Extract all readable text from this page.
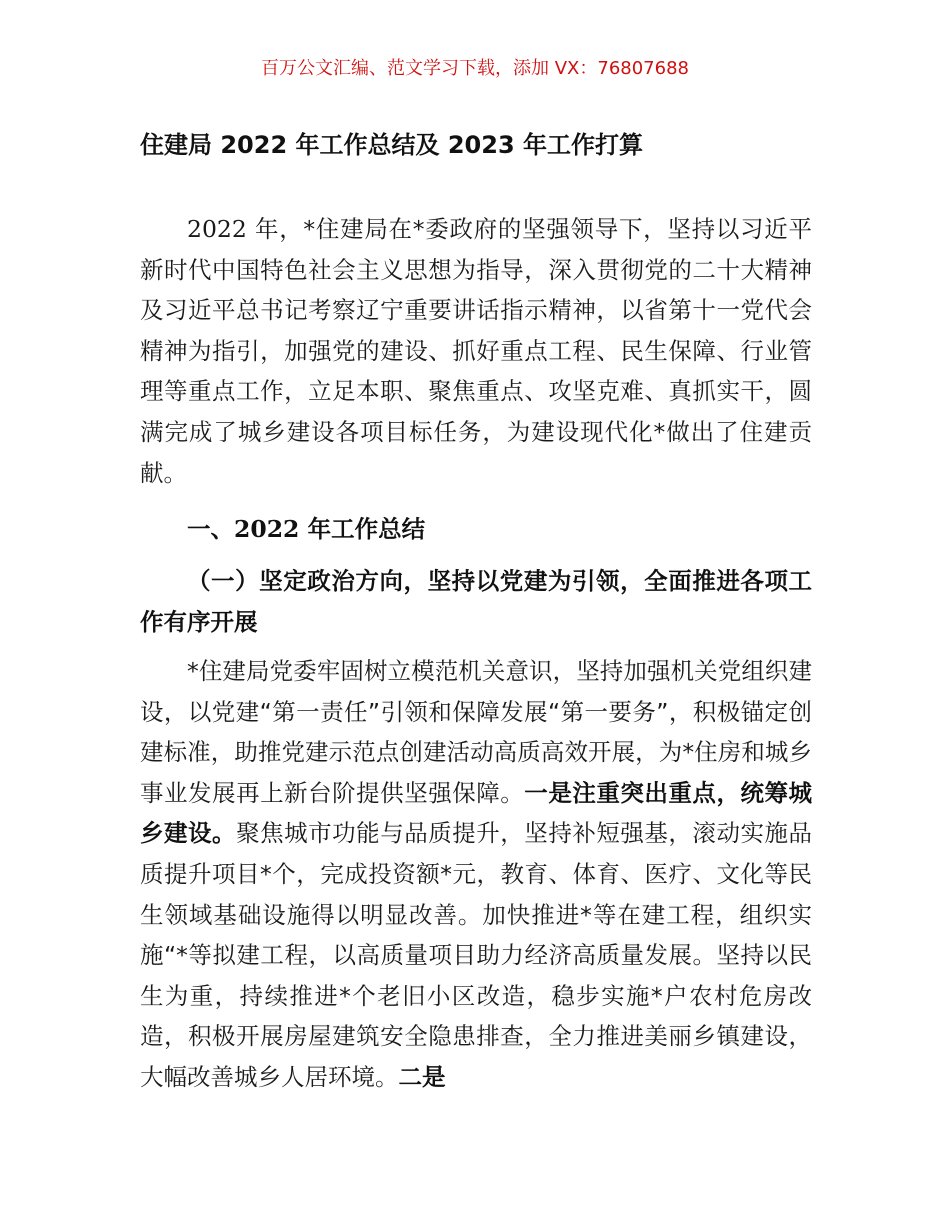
百万公文汇编、范文学习下载，添加 VX：76807688
住建局 2022 年工作总结及 2023 年工作打算

2022 年，*住建局在*委政府的坚强领导下，坚持以习近平新时代中国特色社会主义思想为指导，深入贯彻党的二十大精神及习近平总书记考察辽宁重要讲话指示精神，以省第十一党代会精神为指引，加强党的建设、抓好重点工程、民生保障、行业管理等重点工作，立足本职、聚焦重点、攻坚克难、真抓实干，圆满完成了城乡建设各项目标任务，为建设现代化*做出了住建贡献。

一、2022 年工作总结

（一）坚定政治方向，坚持以党建为引领，全面推进各项工作有序开展

*住建局党委牢固树立模范机关意识，坚持加强机关党组织建设，以党建“第一责任”引领和保障发展“第一要务”，积极锚定创建标准，助推党建示范点创建活动高质高效开展，为*住房和城乡事业发展再上新台阶提供坚强保障。一是注重突出重点，统筹城乡建设。聚焦城市功能与品质提升，坚持补短强基，滚动实施品质提升项目*个，完成投资额*元，教育、体育、医疗、文化等民生领域基础设施得以明显改善。加快推进*等在建工程，组织实施“*等拟建工程，以高质量项目助力经济高质量发展。坚持以民生为重，持续推进*个老旧小区改造，稳步实施*户农村危房改造，积极开展房屋建筑安全隐患排查，全力推进美丽乡镇建设，大幅改善城乡人居环境。二是
